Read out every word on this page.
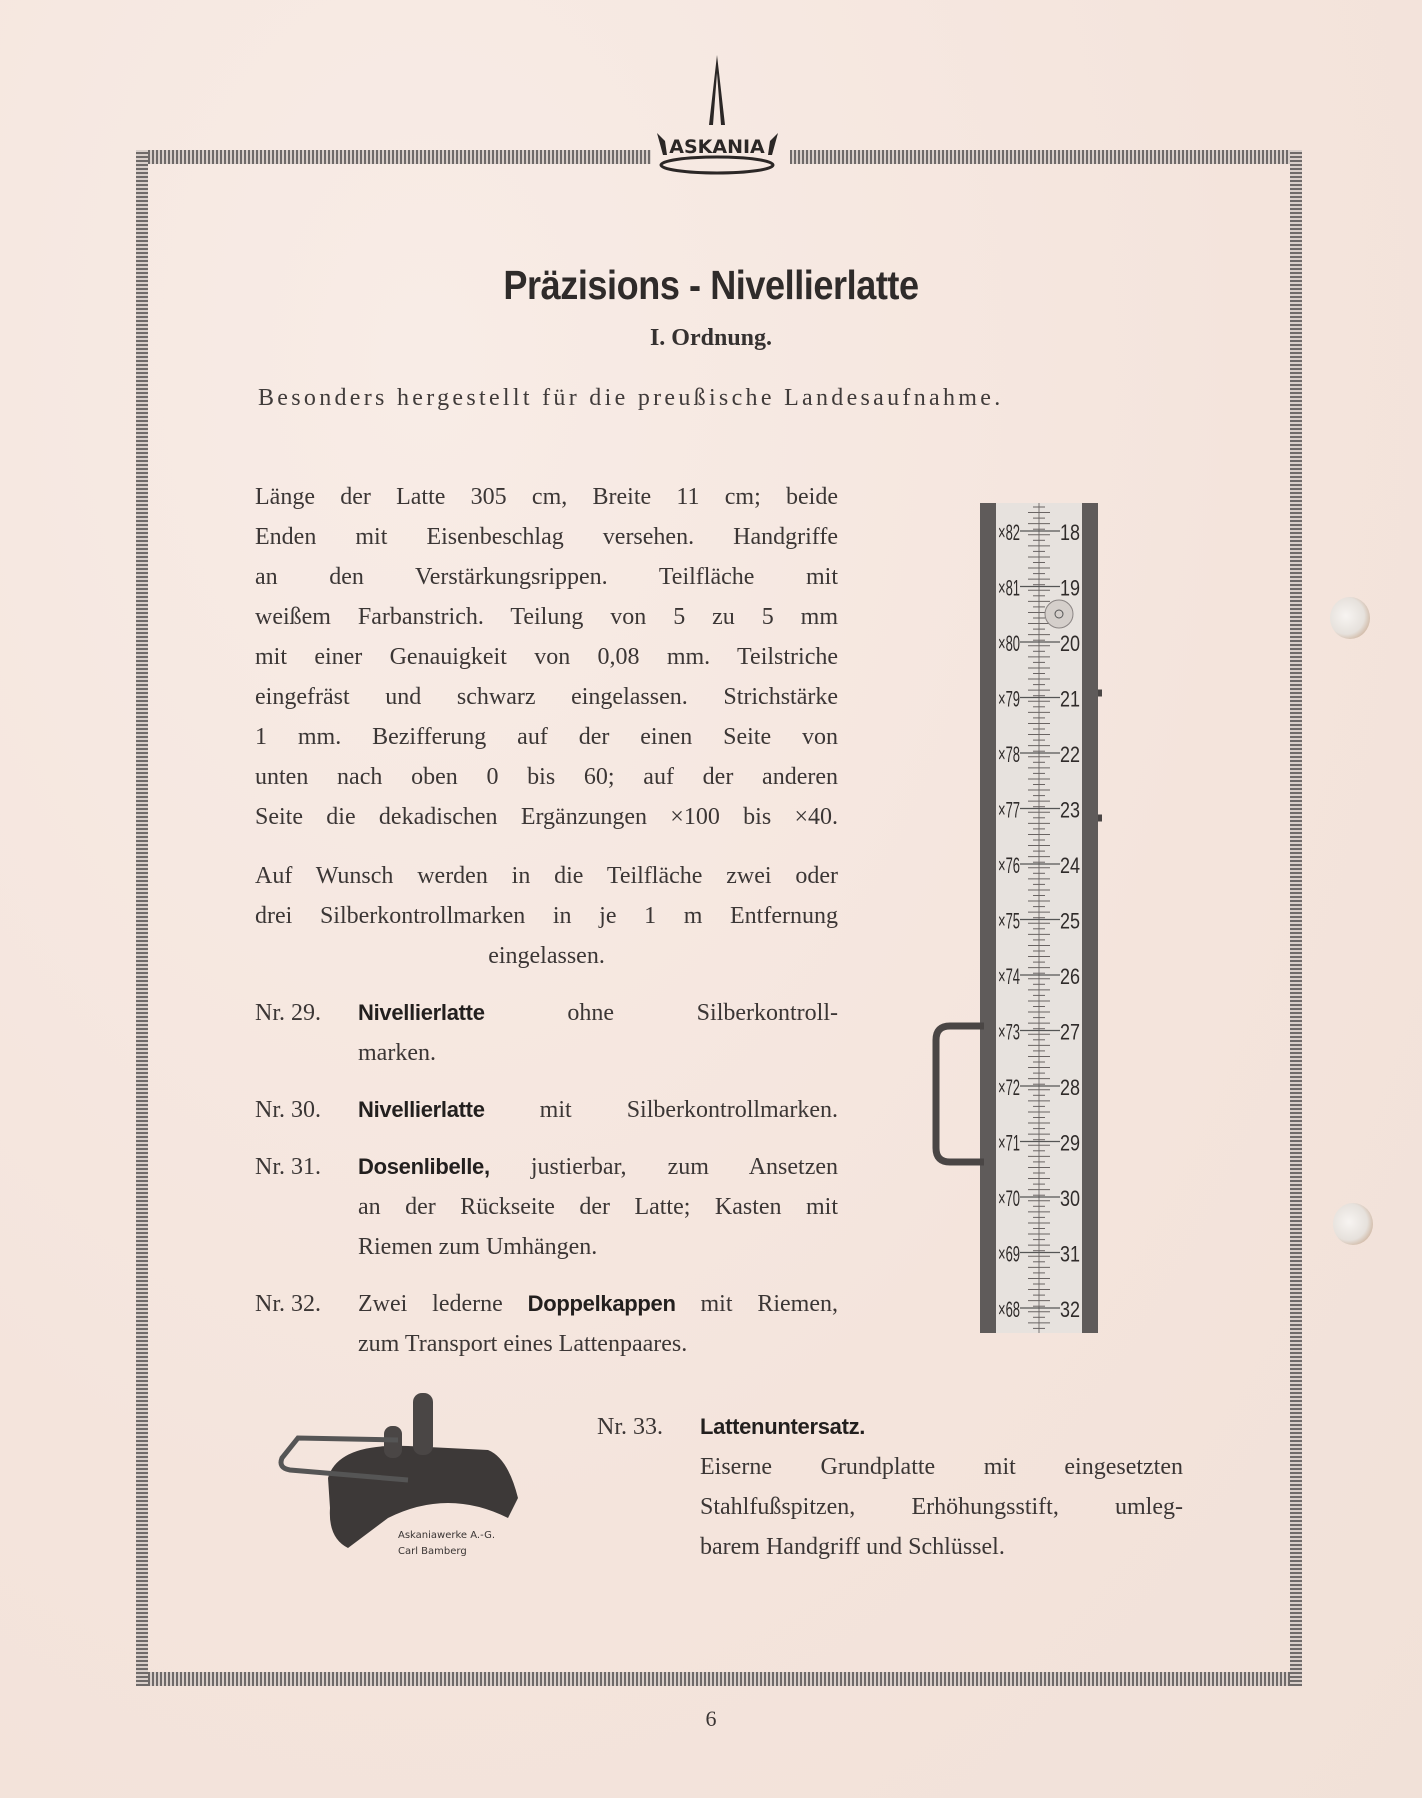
ASKANIA
Präzisions - Nivellierlatte
I. Ordnung.
Besonders hergestellt für die preußische Landesaufnahme.
Länge der Latte 305 cm, Breite 11 cm; beide
Enden mit Eisenbeschlag versehen. Handgriffe
an den Verstärkungsrippen. Teilfläche mit
weißem Farbanstrich. Teilung von 5 zu 5 mm
mit einer Genauigkeit von 0,08 mm. Teilstriche
eingefräst und schwarz eingelassen. Strichstärke
1 mm. Bezifferung auf der einen Seite von
unten nach oben 0 bis 60; auf der anderen
Seite die dekadischen Ergänzungen ×100 bis ×40.
Auf Wunsch werden in die Teilfläche zwei oder
drei Silberkontrollmarken in je 1 m Entfernung
eingelassen.
Nr. 29.	Nivellierlatte ohne Silberkontroll-
marken.
Nr. 30.	Nivellierlatte mit Silberkontrollmarken.
Nr. 31.	Dosenlibelle, justierbar, zum Ansetzen
an der Rückseite der Latte; Kasten mit
Riemen zum Umhängen.
Nr. 32.	Zwei lederne Doppelkappen mit Riemen,
zum Transport eines Lattenpaares.
Nr. 33.	Lattenuntersatz.
Eiserne Grundplatte mit eingesetzten
Stahlfußspitzen, Erhöhungsstift, umleg-
barem Handgriff und Schlüssel.
×82 18
×81 19
×80 20
×79 21
×78 22
×77 23
×76 24
×75 25
×74 26
×73 27
×72 28
×71 29
×70 30
×69 31
×68 32
Askaniawerke A.-G.
Carl Bamberg
6
